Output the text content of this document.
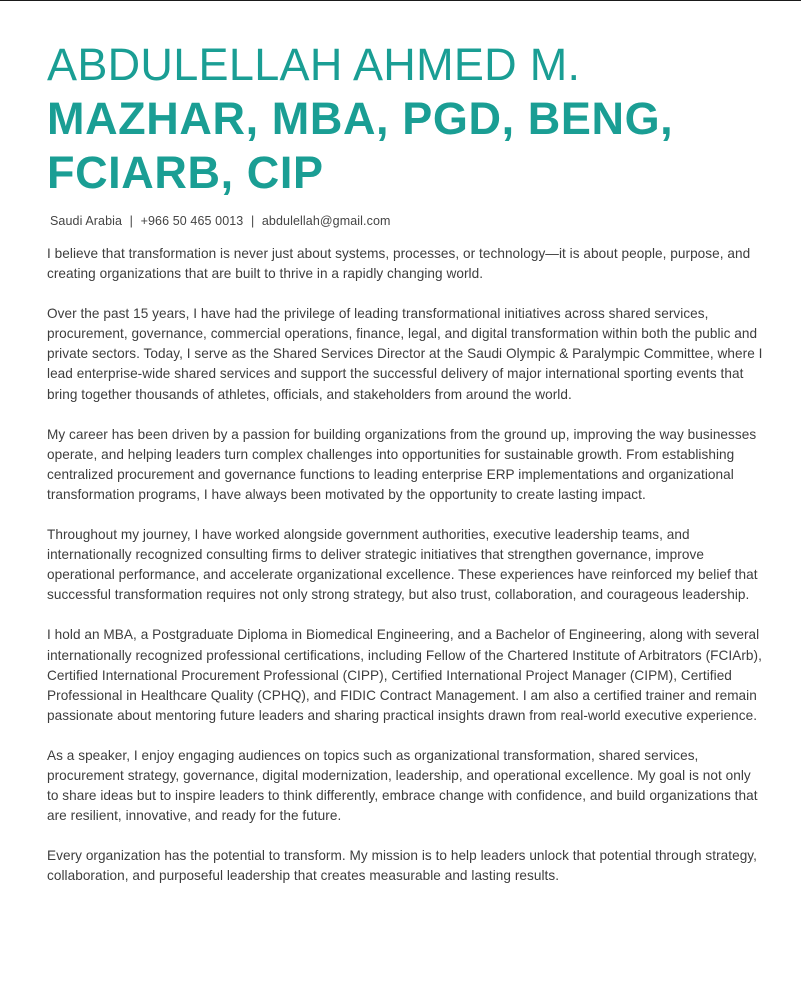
ABDULELLAH AHMED M.
MAZHAR, MBA, PGD, BENG,
FCIARB, CIP
Saudi Arabia | +966 50 465 0013 | abdulellah@gmail.com

I believe that transformation is never just about systems, processes, or technology—it is about people, purpose, and creating organizations that are built to thrive in a rapidly changing world.

Over the past 15 years, I have had the privilege of leading transformational initiatives across shared services, procurement, governance, commercial operations, finance, legal, and digital transformation within both the public and private sectors. Today, I serve as the Shared Services Director at the Saudi Olympic & Paralympic Committee, where I lead enterprise-wide shared services and support the successful delivery of major international sporting events that bring together thousands of athletes, officials, and stakeholders from around the world.

My career has been driven by a passion for building organizations from the ground up, improving the way businesses operate, and helping leaders turn complex challenges into opportunities for sustainable growth. From establishing centralized procurement and governance functions to leading enterprise ERP implementations and organizational transformation programs, I have always been motivated by the opportunity to create lasting impact.

Throughout my journey, I have worked alongside government authorities, executive leadership teams, and internationally recognized consulting firms to deliver strategic initiatives that strengthen governance, improve operational performance, and accelerate organizational excellence. These experiences have reinforced my belief that successful transformation requires not only strong strategy, but also trust, collaboration, and courageous leadership.

I hold an MBA, a Postgraduate Diploma in Biomedical Engineering, and a Bachelor of Engineering, along with several internationally recognized professional certifications, including Fellow of the Chartered Institute of Arbitrators (FCIArb), Certified International Procurement Professional (CIPP), Certified International Project Manager (CIPM), Certified Professional in Healthcare Quality (CPHQ), and FIDIC Contract Management. I am also a certified trainer and remain passionate about mentoring future leaders and sharing practical insights drawn from real-world executive experience.

As a speaker, I enjoy engaging audiences on topics such as organizational transformation, shared services, procurement strategy, governance, digital modernization, leadership, and operational excellence. My goal is not only to share ideas but to inspire leaders to think differently, embrace change with confidence, and build organizations that are resilient, innovative, and ready for the future.

Every organization has the potential to transform. My mission is to help leaders unlock that potential through strategy, collaboration, and purposeful leadership that creates measurable and lasting results.
